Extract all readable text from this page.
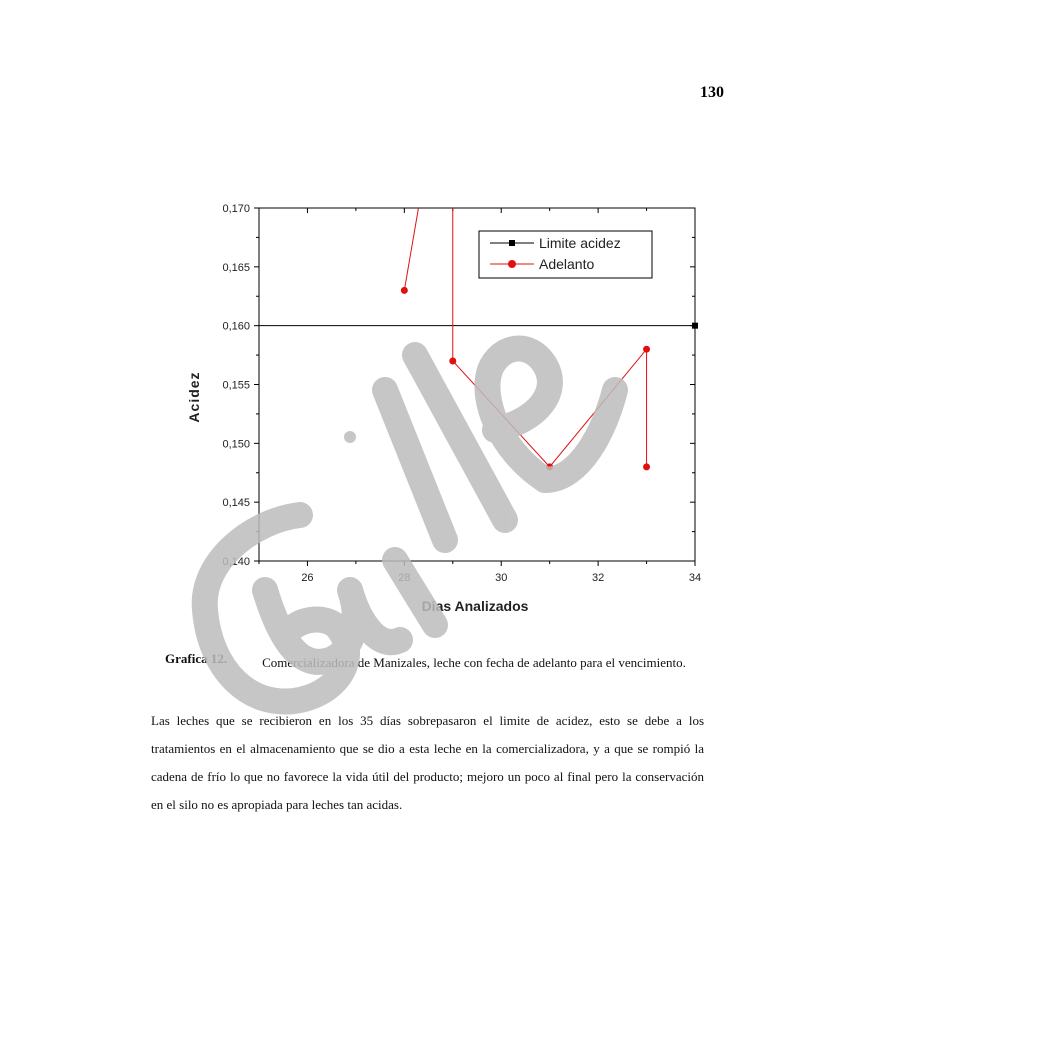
130
0,140
0,145
0,150
0,155
0,160
0,165
0,170
26	28	30	32	34
Dias Analizados
Acidez
Limite acidez
Adelanto
Grafica 12.	Comercializadora de Manizales, leche con fecha de adelanto para el vencimiento.
Las leches que se recibieron en los 35 días sobrepasaron el limite de acidez, esto se debe a los tratamientos en el almacenamiento que se dio a esta leche en la comercializadora, y a que se rompió la cadena de frío lo que no favorece la vida útil del producto; mejoro un poco al final pero la conservación en el silo no es apropiada para leches tan acidas.
